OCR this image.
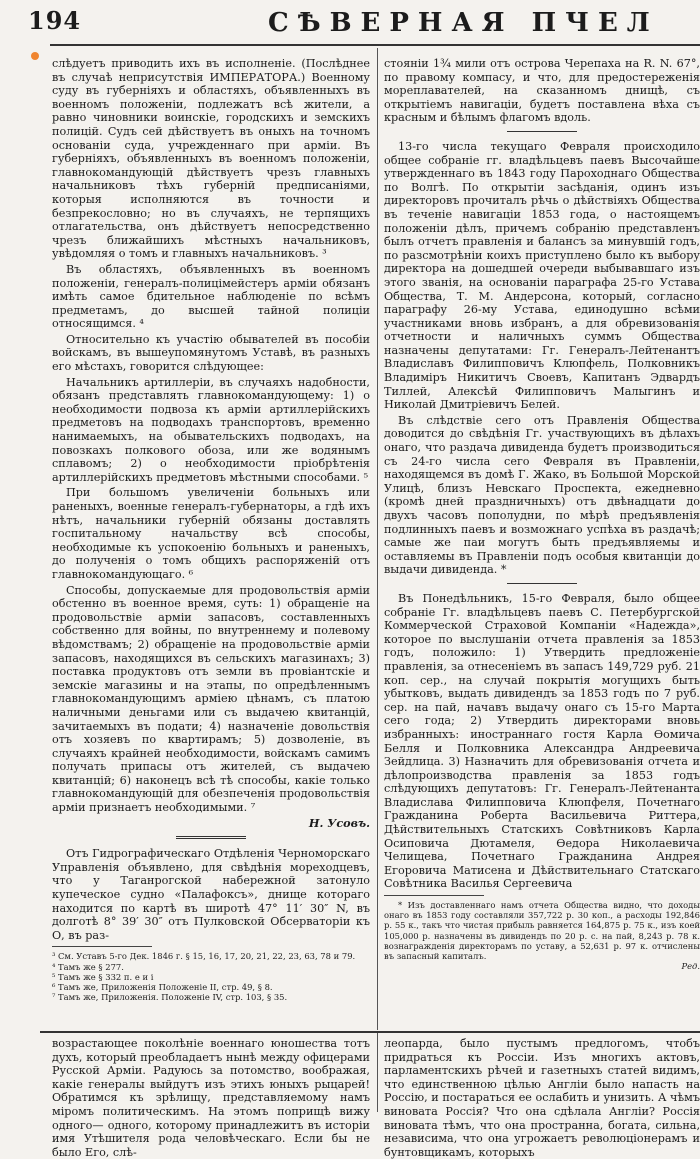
194	СѢВЕРНАЯ ПЧЕЛ

слѣдуетъ приводить ихъ въ исполненіе. (Послѣднее въ случаѣ неприсутствія ИМПЕРАТОРА.) Военному суду въ губерніяхъ и областяхъ, объявленныхъ въ военномъ положеніи, подлежатъ всѣ жители, а равно чиновники воинскіе, городскихъ и земскихъ полицій. Судъ сей дѣйствуетъ въ оныхъ на точномъ основаніи суда, учрежденнаго при арміи. Въ губерніяхъ, объявленныхъ въ военномъ положеніи, главнокомандующій дѣйствуетъ чрезъ главныхъ начальниковъ тѣхъ губерній предписаніями, которыя исполняются въ точности и безпрекословно; но въ случаяхъ, не терпящихъ отлагательства, онъ дѣйствуетъ непосредственно чрезъ ближайшихъ мѣстныхъ начальниковъ, увѣдомляя о томъ и главныхъ начальниковъ. ³

Въ областяхъ, объявленныхъ въ военномъ положеніи, генералъ-полицімейстеръ арміи обязанъ имѣть самое бдительное наблюденіе по всѣмъ предметамъ, до высшей тайной полиціи относящимся. ⁴

Относительно къ участію обывателей въ пособіи войскамъ, въ вышеупомянутомъ Уставѣ, въ разныхъ его мѣстахъ, говорится слѣдующее:

Начальникъ артиллеріи, въ случаяхъ надобности, обязанъ представлять главнокомандующему: 1) о необходимости подвоза къ арміи артиллерійскихъ предметовъ на подводахъ транспортовъ, временно нанимаемыхъ, на обывательскихъ подводахъ, на повозкахъ полкового обоза, или же водянымъ сплавомъ; 2) о необходимости пріобрѣтенія артиллерійскихъ предметовъ мѣстными способами. ⁵

При большомъ увеличеніи больныхъ или раненыхъ, военные генералъ-губернаторы, а гдѣ ихъ нѣтъ, начальники губерній обязаны доставлять госпитальному начальству всѣ способы, необходимые къ успокоенію больныхъ и раненыхъ, до полученія о томъ общихъ распоряженій отъ главнокомандующаго. ⁶

Способы, допускаемые для продовольствія арміи обстенно въ военное время, суть: 1) обращеніе на продовольствіе арміи запасовъ, составленныхъ собственно для войны, по внутреннему и полевому вѣдомствамъ; 2) обращеніе на продовольствіе арміи запасовъ, находящихся въ сельскихъ магазинахъ; 3) поставка продуктовъ отъ земли въ провіантскіе и земскіе магазины и на этапы, по опредѣленнымъ главнокомандующимъ арміею цѣнамъ, съ платою наличными деньгами или съ выдачею квитанцій, зачитаемыхъ въ подати; 4) назначеніе довольствія отъ хозяевъ по квартирамъ; 5) дозволеніе, въ случаяхъ крайней необходимости, войскамъ самимъ получать припасы отъ жителей, съ выдачею квитанцій; 6) наконецъ всѣ тѣ способы, какіе только главнокомандующій для обезпеченія продовольствія арміи признаетъ необходимыми. ⁷

Н. Усовъ.

Отъ Гидрографическаго Отдѣленія Черноморскаго Управленія объявлено, для свѣдѣнія мореходцевъ, что у Таганрогской набережной затонуло купеческое судно «Палафоксъ», днище котораго находится по картѣ въ широтѣ 47° 11′ 30″ N, въ долготѣ 8° 39′ 30″ отъ Пулковской Обсерваторіи къ О, въ раз-

³ См. Уставъ 5-го Дек. 1846 г. § 15, 16, 17, 20, 21, 22, 23, 63, 78 и 79.

⁴ Тамъ же § 277.

⁵ Тамъ же § 332 п. е и і

⁶ Тамъ же, Приложенія Положеніе II, стр. 49, § 8.

⁷ Тамъ же, Приложенія. Положеніе IV, стр. 103, § 35.

стояніи 1¾ мили отъ острова Черепаха на R. N. 67°, по правому компасу, и что, для предостереженія мореплавателей, на сказанномъ днищѣ, съ открытіемъ навигаціи, будетъ поставлена вѣха съ красным и бѣлымъ флагомъ вдоль.

13-го числа текущаго Февраля происходило общее собраніе гг. владѣльцевъ паевъ Высочайше утвержденнаго въ 1843 году Пароходнаго Общества по Волгѣ. По открытіи засѣданія, одинъ изъ директоровъ прочиталъ рѣчь о дѣйствіяхъ Общества въ теченіе навигаціи 1853 года, о настоящемъ положеніи дѣлъ, причемъ собранію представленъ былъ отчетъ правленія и балансъ за минувшій годъ, по разсмотрѣніи коихъ приступлено было къ выбору директора на дошедшей очереди выбывавшаго изъ этого званія, на основаніи параграфа 25-го Устава Общества, Т. М. Андерсона, который, согласно параграфу 26-му Устава, единодушно всѣми участниками вновь избранъ, а для обревизованія отчетности и наличныхъ суммъ Общества назначены депутатами: Гг. Генералъ-Лейтенантъ Владиславъ Филипповичъ Клюпфель, Полковникъ Владиміръ Никитичъ Своевъ, Капитанъ Эдвардъ Тиллей, Алексѣй Филипповичъ Малыгинъ и Николай Дмитріевичъ Белей.

Въ слѣдствіе сего отъ Правленія Общества доводится до свѣдѣнія Гг. участвующихъ въ дѣлахъ онаго, что раздача дивиденда будетъ производиться съ 24-го числа сего Февраля въ Правленіи, находящемся въ домѣ Г. Жако, въ Большой Морской Улицѣ, близъ Невскаго Проспекта, ежедневно (кромѣ дней праздничныхъ) отъ двѣнадцати до двухъ часовъ пополудни, по мѣрѣ предъявленія подлинныхъ паевъ и возможнаго успѣха въ раздачѣ; самые же паи могутъ быть предъявляемы и оставляемы въ Правленіи подъ особыя квитанціи до выдачи дивиденда. *

Въ Понедѣльникъ, 15-го Февраля, было общее собраніе Гг. владѣльцевъ паевъ С. Петербургской Коммерческой Страховой Компаніи «Надежда», которое по выслушаніи отчета правленія за 1853 годъ, положило: 1) Утвердить предложеніе правленія, за отнесеніемъ въ запасъ 149,729 руб. 21 коп. сер., на случай покрытія могущихъ быть убытковъ, выдать дивидендъ за 1853 годъ по 7 руб. сер. на пай, начавъ выдачу онаго съ 15-го Марта сего года; 2) Утвердить директорами вновь избранныхъ: иностраннаго гостя Карла Ѳомича Белля и Полковника Александра Андреевича Зейдлица. 3) Назначить для обревизованія отчета и дѣлопроизводства правленія за 1853 годъ слѣдующихъ депутатовъ: Гг. Генералъ-Лейтенанта Владислава Филипповича Клюпфеля, Почетнаго Гражданина Роберта Васильевича Риттера, Дѣйствительныхъ Статскихъ Совѣтниковъ Карла Осиповича Дютамеля, Ѳедора Николаевича Челищева, Почетнаго Гражданина Андрея Егоровича Матисена и Дѣйствительнаго Статскаго Совѣтника Василья Сергеевича

* Изъ доставленнаго намъ отчета Общества видно, что доходы онаго въ 1853 году составляли 357,722 р. 30 коп., а расходы 192,846 р. 55 к., такъ что чистая прибыль равняется 164,875 р. 75 к., изъ коей 105,000 р. назначены въ дивидендъ по 20 р. с. на пай, 8,243 р. 78 к. вознагражденія директорамъ по уставу, а 52,631 р. 97 к. отчислены въ запасный капиталъ.

Ред.

возрастающее поколѣніе военнаго юношества тотъ духъ, который преобладаетъ нынѣ между офицерами Русской Арміи. Радуюсь за потомство, воображая, какіе генералы выйдутъ изъ этихъ юныхъ рыцарей! Обратимся къ зрѣлищу, представляемому намъ міромъ политическимъ. На этомъ поприщѣ вижу одного— одного, которому принадлежитъ въ исторіи имя Утѣшителя рода человѣческаго. Если бы не было Его, слѣ-
леопарда, было пустымъ предлогомъ, чтобъ придраться къ Россіи. Изъ многихъ актовъ, парламентскихъ рѣчей и газетныхъ статей видимъ, что единственною цѣлью Англіи было напасть на Россію, и постараться ее ослабить и унизить. А чѣмъ виновата Россія? Что она сдѣлала Англіи? Россія виновата тѣмъ, что она пространна, богата, сильна, независима, что она угрожаетъ революціонерамъ и бунтовщикамъ, которыхъ
